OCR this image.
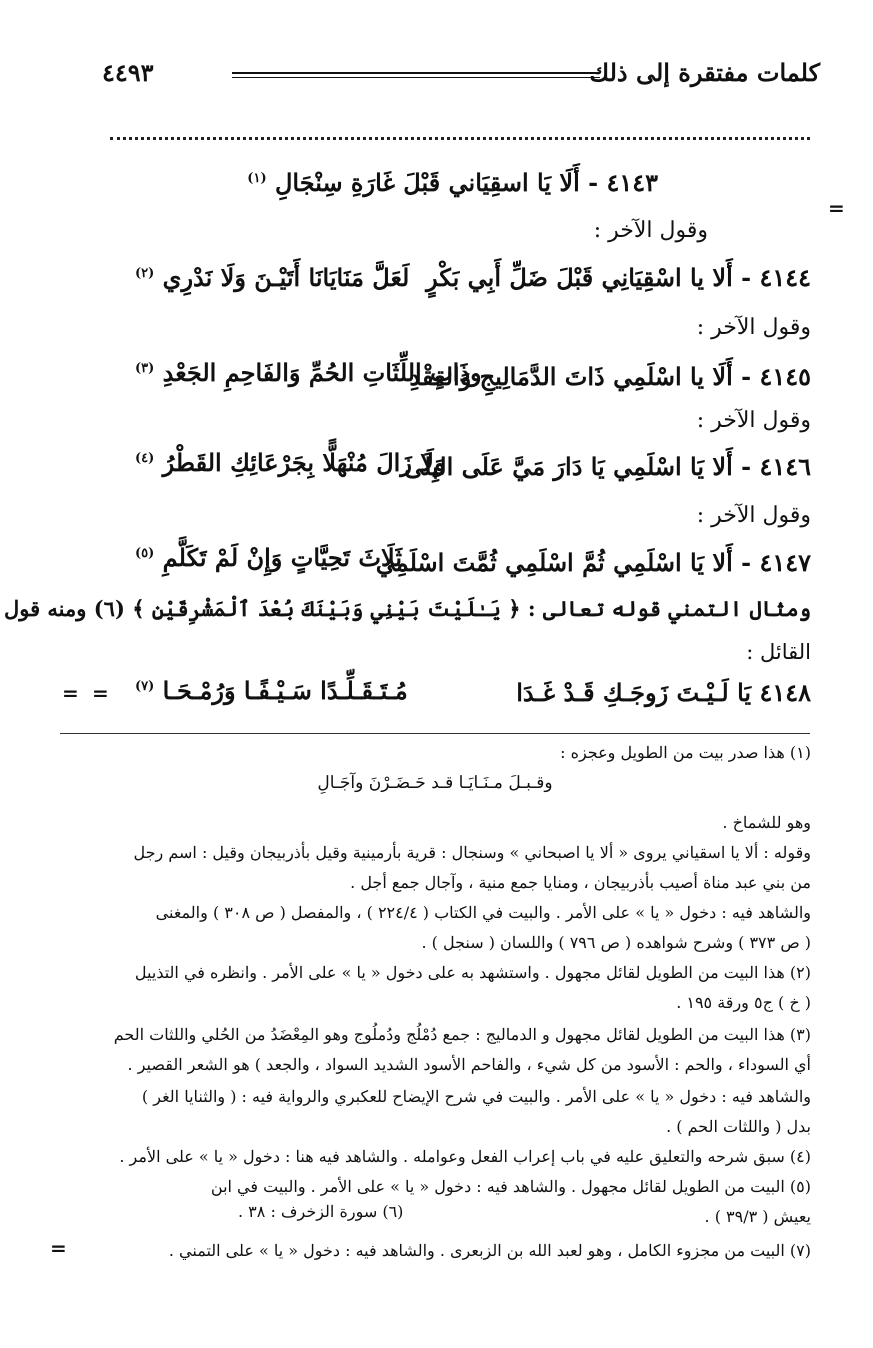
كلمات مفتقرة إلى ذلك
٤٤٩٣
=
٤١٤٣ - أَلَا يَا اسقِيَاني قَبْلَ غَارَةِ سِنْجَالِ $^{(١)}$
وقول الآخر :
٤١٤٤ - أَلا يا اسْقِيَانِي قَبْلَ ضَلِّ أَبِي بَكْرٍ
لَعَلَّ مَنَايَانَا أَتَيْـنَ وَلَا نَدْرِي $^{(٢)}$
وقول الآخر :
٤١٤٥ - أَلَا يا اسْلَمِي ذَاتَ الدَّمَالِيجِ وَالعِقْدِ
وذَاتِ اللِّثَاتِ الحُمِّ وَالفَاحِمِ الجَعْدِ $^{(٣)}$
وقول الآخر :
٤١٤٦ - أَلا يَا اسْلَمِي يَا دَارَ مَيَّ عَلَى البِلَى
وَلَا زَالَ مُنْهَلًّا بِجَرْعَائِكِ القَطْرُ $^{(٤)}$
وقول الآخر :
٤١٤٧ - أَلا يَا اسْلَمِي ثُمَّ اسْلَمِي ثُمَّتَ اسْلَمِي
ثَلَاثَ تَحِيَّاتٍ وَإِنْ لَمْ تَكَلَّمِ $^{(٥)}$
ومثال التمني قوله تعالى : ﴿ يَـٰلَيْتَ بَيْنِي وَبَيْنَكَ بُعْدَ ٱلْمَشْرِقَيْنِ ﴾ (٦) ومنه قول
القائل :
٤١٤٨ يَا لَـيْـتَ زَوجَـكِ قَـدْ غَـدَا
مُـتَـقَـلِّـدًا سَـيْـفًـا وَرُمْـحَـا $^{(٧)}$
=
=
(١) هذا صدر بيت من الطويل وعجزه :
وقـبـلَ مـنَـايَـا قـد حَـضَـرْنَ وآجَـالِ
وهو للشماخ .
وقوله : ألا يا اسقياني يروى « ألا يا اصبحاني » وسنجال : قرية بأرمينية وقيل بأذربيجان وقيل : اسم رجل
من بني عبد مناة أصيب بأذربيجان ، ومنايا جمع منية ، وآجال جمع أجل .
والشاهد فيه : دخول « يا » على الأمر . والبيت في الكتاب ( ٢٢٤/٤ ) ، والمفصل ( ص ٣٠٨ ) والمغنى
( ص ٣٧٣ ) وشرح شواهده ( ص ٧٩٦ ) واللسان ( سنجل ) .
(٢) هذا البيت من الطويل لقائل مجهول . واستشهد به على دخول « يا » على الأمر . وانظره في التذييل
( خ ) ج٥ ورقة ١٩٥ .
(٣) هذا البيت من الطويل لقائل مجهول و الدماليج : جمع دُمْلُج ودُملُوج وهو المِعْضَدُ من الحُلي واللثات الحم
أي السوداء ، والحم : الأسود من كل شيء ، والفاحم الأسود الشديد السواد ، والجعد ) هو الشعر القصير .
والشاهد فيه : دخول « يا » على الأمر . والبيت في شرح الإيضاح للعكبري والرواية فيه : ( والثنايا الغر )
بدل ( واللثات الحم ) .
(٤) سبق شرحه والتعليق عليه في باب إعراب الفعل وعوامله . والشاهد فيه هنا : دخول « يا » على الأمر .
(٥) البيت من الطويل لقائل مجهول . والشاهد فيه : دخول « يا » على الأمر . والبيت في ابن
يعيش ( ٣٩/٣ ) .
(٦) سورة الزخرف : ٣٨ .
(٧) البيت من مجزوء الكامل ، وهو لعبد الله بن الزبعرى . والشاهد فيه : دخول « يا » على التمني .
=
